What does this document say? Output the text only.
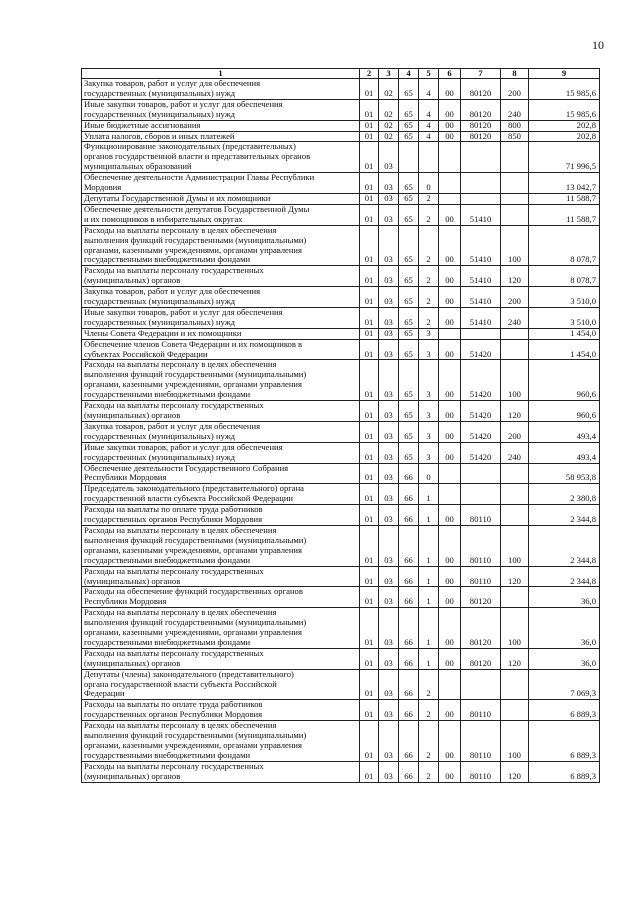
10
1	2	3	4	5	6	7	8	9
Закупка товаров, работ и услуг для обеспечения
государственных (муниципальных) нужд	01	02	65	4	00	80120	200	15 985,6
Иные закупки товаров, работ и услуг для обеспечения
государственных (муниципальных) нужд	01	02	65	4	00	80120	240	15 985,6
Иные бюджетные ассигнования	01	02	65	4	00	80120	800	202,8
Уплата налогов, сборов и иных платежей	01	02	65	4	00	80120	850	202,8
Функционирование законодательных (представительных)
органов государственной власти и представительных органов
муниципальных образований	01	03						71 996,5
Обеспечение деятельности Администрации Главы Республики
Мордовия	01	03	65	0				13 042,7
Депутаты Государственной Думы и их помощники	01	03	65	2				11 588,7
Обеспечение деятельности депутатов Государственной Думы
и их помощников в избирательных округах	01	03	65	2	00	51410		11 588,7
Расходы на выплаты персоналу в целях обеспечения
выполнения функций государственными (муниципальными)
органами, казенными учреждениями, органами управления
государственными внебюджетными фондами	01	03	65	2	00	51410	100	8 078,7
Расходы на выплаты персоналу государственных
(муниципальных) органов	01	03	65	2	00	51410	120	8 078,7
Закупка товаров, работ и услуг для обеспечения
государственных (муниципальных) нужд	01	03	65	2	00	51410	200	3 510,0
Иные закупки товаров, работ и услуг для обеспечения
государственных (муниципальных) нужд	01	03	65	2	00	51410	240	3 510,0
Члены Совета Федерации и их помощники	01	03	65	3				1 454,0
Обеспечение членов Совета Федерации и их помощников в
субъектах Российской Федерации	01	03	65	3	00	51420		1 454,0
Расходы на выплаты персоналу в целях обеспечения
выполнения функций государственными (муниципальными)
органами, казенными учреждениями, органами управления
государственными внебюджетными фондами	01	03	65	3	00	51420	100	960,6
Расходы на выплаты персоналу государственных
(муниципальных) органов	01	03	65	3	00	51420	120	960,6
Закупка товаров, работ и услуг для обеспечения
государственных (муниципальных) нужд	01	03	65	3	00	51420	200	493,4
Иные закупки товаров, работ и услуг для обеспечения
государственных (муниципальных) нужд	01	03	65	3	00	51420	240	493,4
Обеспечение деятельности Государственного Собрания
Республики Мордовия	01	03	66	0				58 953,8
Председатель законодательного (представительного) органа
государственной власти субъекта Российской Федерации	01	03	66	1				2 380,8
Расходы на выплаты по оплате труда работников
государственных органов Республики Мордовия	01	03	66	1	00	80110		2 344,8
Расходы на выплаты персоналу в целях обеспечения
выполнения функций государственными (муниципальными)
органами, казенными учреждениями, органами управления
государственными внебюджетными фондами	01	03	66	1	00	80110	100	2 344,8
Расходы на выплаты персоналу государственных
(муниципальных) органов	01	03	66	1	00	80110	120	2 344,8
Расходы на обеспечение функций государственных органов
Республики Мордовия	01	03	66	1	00	80120		36,0
Расходы на выплаты персоналу в целях обеспечения
выполнения функций государственными (муниципальными)
органами, казенными учреждениями, органами управления
государственными внебюджетными фондами	01	03	66	1	00	80120	100	36,0
Расходы на выплаты персоналу государственных
(муниципальных) органов	01	03	66	1	00	80120	120	36,0
Депутаты (члены) законодательного (представительного)
органа государственной власти субъекта Российской
Федерации	01	03	66	2				7 069,3
Расходы на выплаты по оплате труда работников
государственных органов Республики Мордовия	01	03	66	2	00	80110		6 889,3
Расходы на выплаты персоналу в целях обеспечения
выполнения функций государственными (муниципальными)
органами, казенными учреждениями, органами управления
государственными внебюджетными фондами	01	03	66	2	00	80110	100	6 889,3
Расходы на выплаты персоналу государственных
(муниципальных) органов	01	03	66	2	00	80110	120	6 889,3
